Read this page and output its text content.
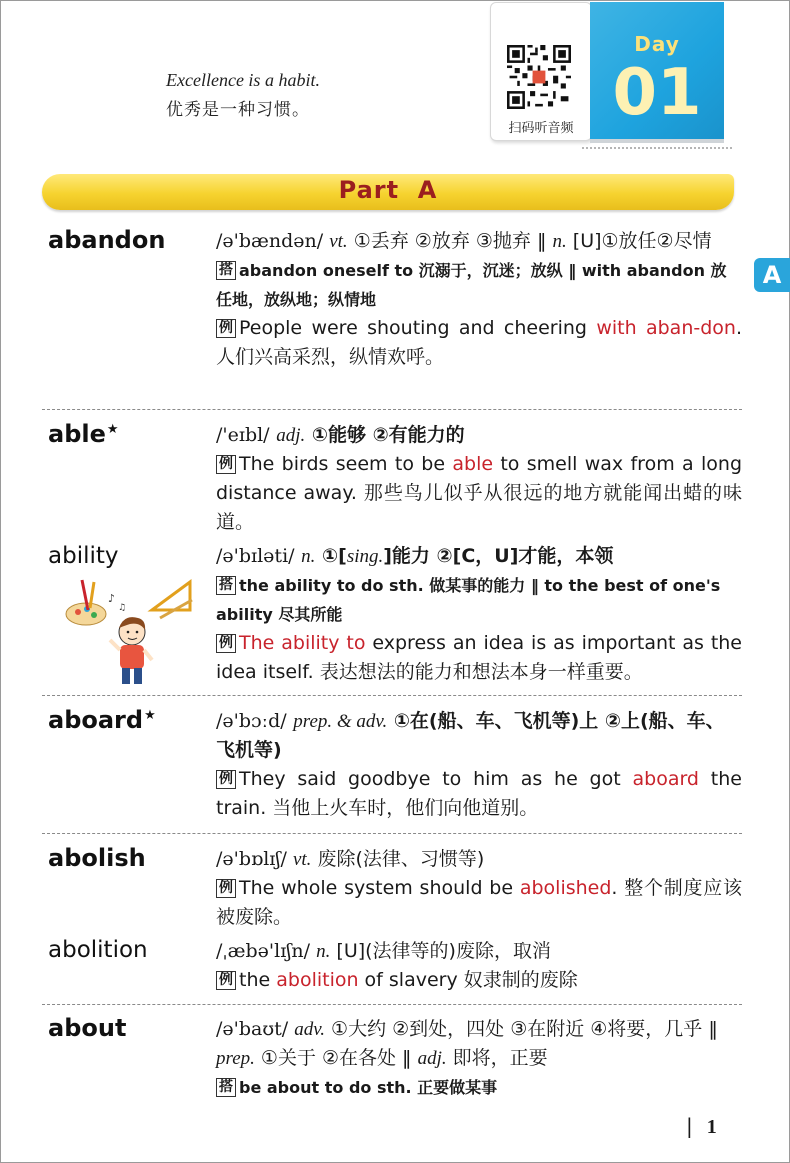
Excellence is a habit.
优秀是一种习惯。
扫码听音频
Day
01
Part  A
A
abandon	/ə'bændən/ vt. ①丢弃 ②放弃 ③抛弃 ‖ n. [U]①放任②尽情
搭 abandon oneself to 沉溺于，沉迷；放纵 ‖ with abandon 放任地，放纵地；纵情地
例 People were shouting and cheering with aban-don. 人们兴高采烈，纵情欢呼。
able★	/'eɪbl/ adj. ①能够 ②有能力的
例 The birds seem to be able to smell wax from a long distance away. 那些鸟儿似乎从很远的地方就能闻出蜡的味道。
ability	/ə'bɪləti/ n. ①[sing.]能力 ②[C，U]才能，本领
搭 the ability to do sth. 做某事的能力 ‖ to the best of one's ability 尽其所能
例 The ability to express an idea is as important as the idea itself. 表达想法的能力和想法本身一样重要。
♪
♫
aboard★	/ə'bɔːd/ prep. & adv. ①在(船、车、飞机等)上 ②上(船、车、飞机等)
例 They said goodbye to him as he got aboard the train. 当他上火车时，他们向他道别。
abolish	/ə'bɒlɪʃ/ vt. 废除(法律、习惯等)
例 The whole system should be abolished. 整个制度应该被废除。
abolition	/ˌæbə'lɪʃn/ n. [U](法律等的)废除，取消
例 the abolition of slavery 奴隶制的废除
about	/ə'baʊt/ adv. ①大约 ②到处，四处 ③在附近 ④将要，几乎 ‖ prep. ①关于 ②在各处 ‖ adj. 即将，正要
搭 be about to do sth. 正要做某事
| 1
